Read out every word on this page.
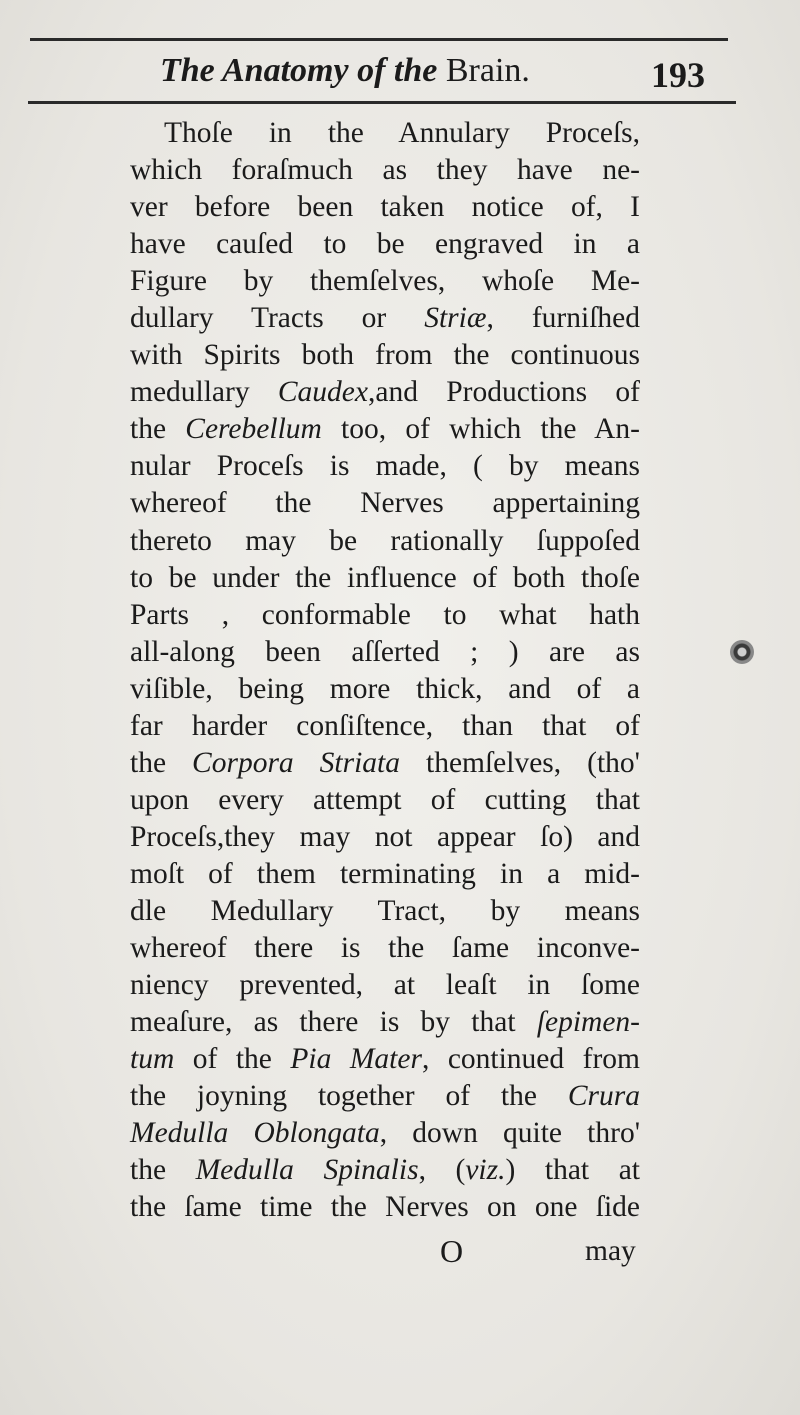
The Anatomy of the Brain.	193
Thoſe in the Annulary Proceſs,
which foraſmuch as they have ne-
ver before been taken notice of, I
have cauſed to be engraved in a
Figure by themſelves, whoſe Me-
dullary Tracts or Striæ, furniſhed
with Spirits both from the continuous
medullary Caudex,and Productions of
the Cerebellum too, of which the An-
nular Proceſs is made, ( by means
whereof the Nerves appertaining
thereto may be rationally ſuppoſed
to be under the influence of both thoſe
Parts , conformable to what hath
all-along been aſſerted ; ) are as
viſible, being more thick, and of a
far harder conſiſtence, than that of
the Corpora Striata themſelves, (tho'
upon every attempt of cutting that
Proceſs,they may not appear ſo) and
moſt of them terminating in a mid-
dle Medullary Tract, by means
whereof there is the ſame inconve-
niency prevented, at leaſt in ſome
meaſure, as there is by that ſepimen-
tum of the Pia Mater, continued from
the joyning together of the Crura
Medulla Oblongata, down quite thro'
the Medulla Spinalis, (viz.) that at
the ſame time the Nerves on one ſide
O	may
